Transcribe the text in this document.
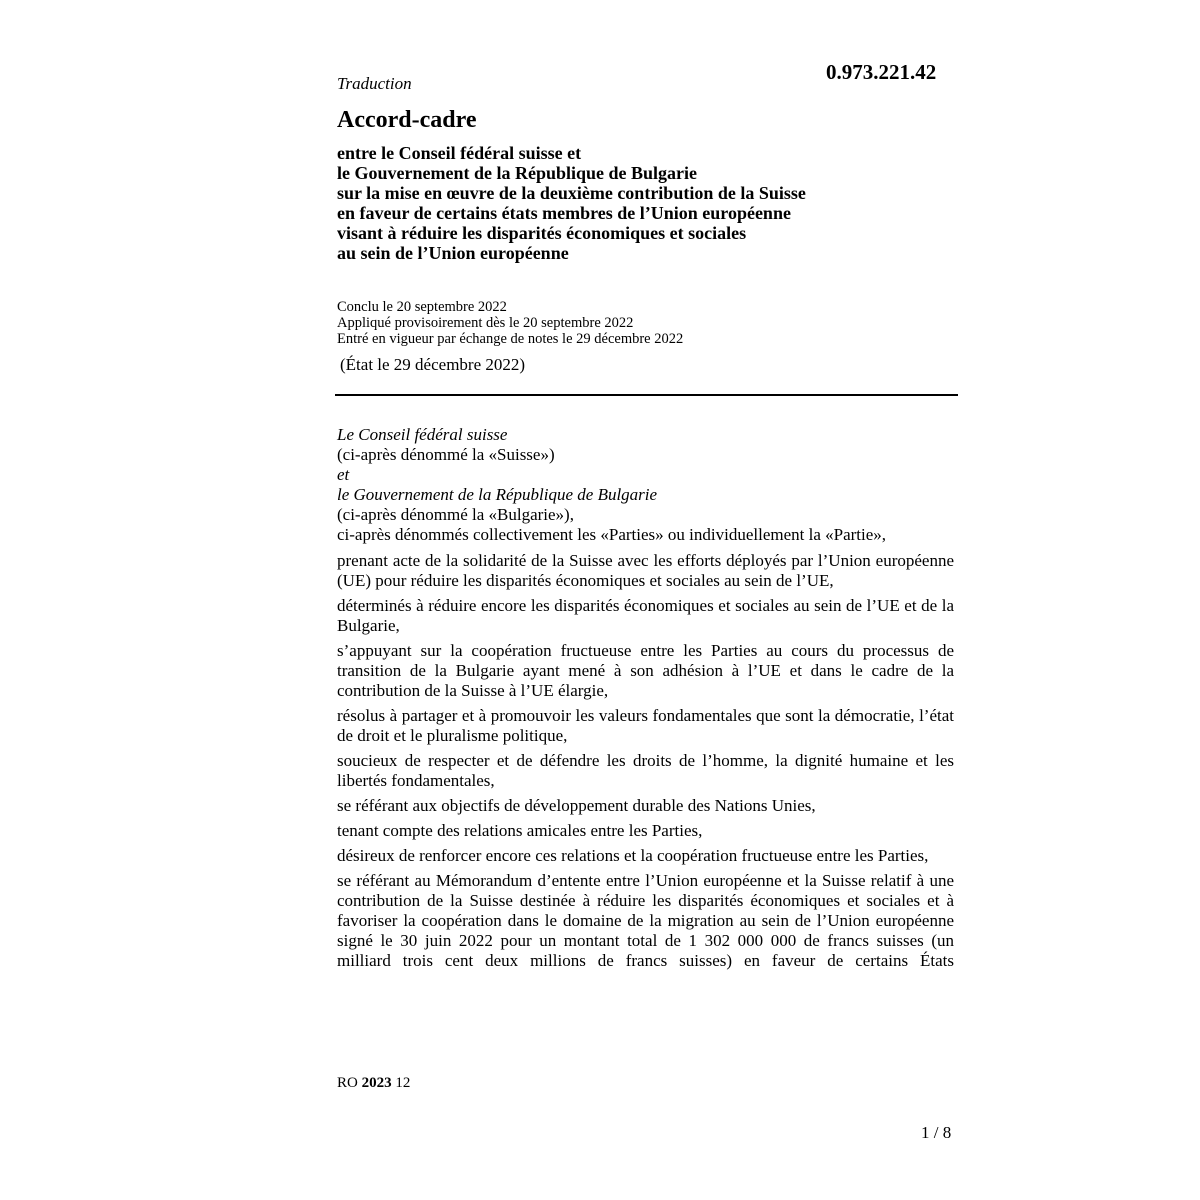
0.973.221.42
Traduction
Accord-cadre
entre le Conseil fédéral suisse et
le Gouvernement de la République de Bulgarie
sur la mise en œuvre de la deuxième contribution de la Suisse
en faveur de certains états membres de l’Union européenne
visant à réduire les disparités économiques et sociales
au sein de l’Union européenne
Conclu le 20 septembre 2022
Appliqué provisoirement dès le 20 septembre 2022
Entré en vigueur par échange de notes le 29 décembre 2022
(État le 29 décembre 2022)
Le Conseil fédéral suisse
(ci-après dénommé la «Suisse»)
et
le Gouvernement de la République de Bulgarie
(ci-après dénommé la «Bulgarie»),
ci-après dénommés collectivement les «Parties» ou individuellement la «Partie»,
prenant acte de la solidarité de la Suisse avec les efforts déployés par l’Union européenne (UE) pour réduire les disparités économiques et sociales au sein de l’UE,
déterminés à réduire encore les disparités économiques et sociales au sein de l’UE et de la Bulgarie,
s’appuyant sur la coopération fructueuse entre les Parties au cours du processus de transition de la Bulgarie ayant mené à son adhésion à l’UE et dans le cadre de la contribution de la Suisse à l’UE élargie,
résolus à partager et à promouvoir les valeurs fondamentales que sont la démocratie, l’état de droit et le pluralisme politique,
soucieux de respecter et de défendre les droits de l’homme, la dignité humaine et les libertés fondamentales,
se référant aux objectifs de développement durable des Nations Unies,
tenant compte des relations amicales entre les Parties,
désireux de renforcer encore ces relations et la coopération fructueuse entre les Parties,
se référant au Mémorandum d’entente entre l’Union européenne et la Suisse relatif à une contribution de la Suisse destinée à réduire les disparités économiques et sociales et à favoriser la coopération dans le domaine de la migration au sein de l’Union européenne signé le 30 juin 2022 pour un montant total de 1 302 000 000 de francs suisses (un milliard trois cent deux millions de francs suisses) en faveur de certains États
RO 2023 12
1 / 8
